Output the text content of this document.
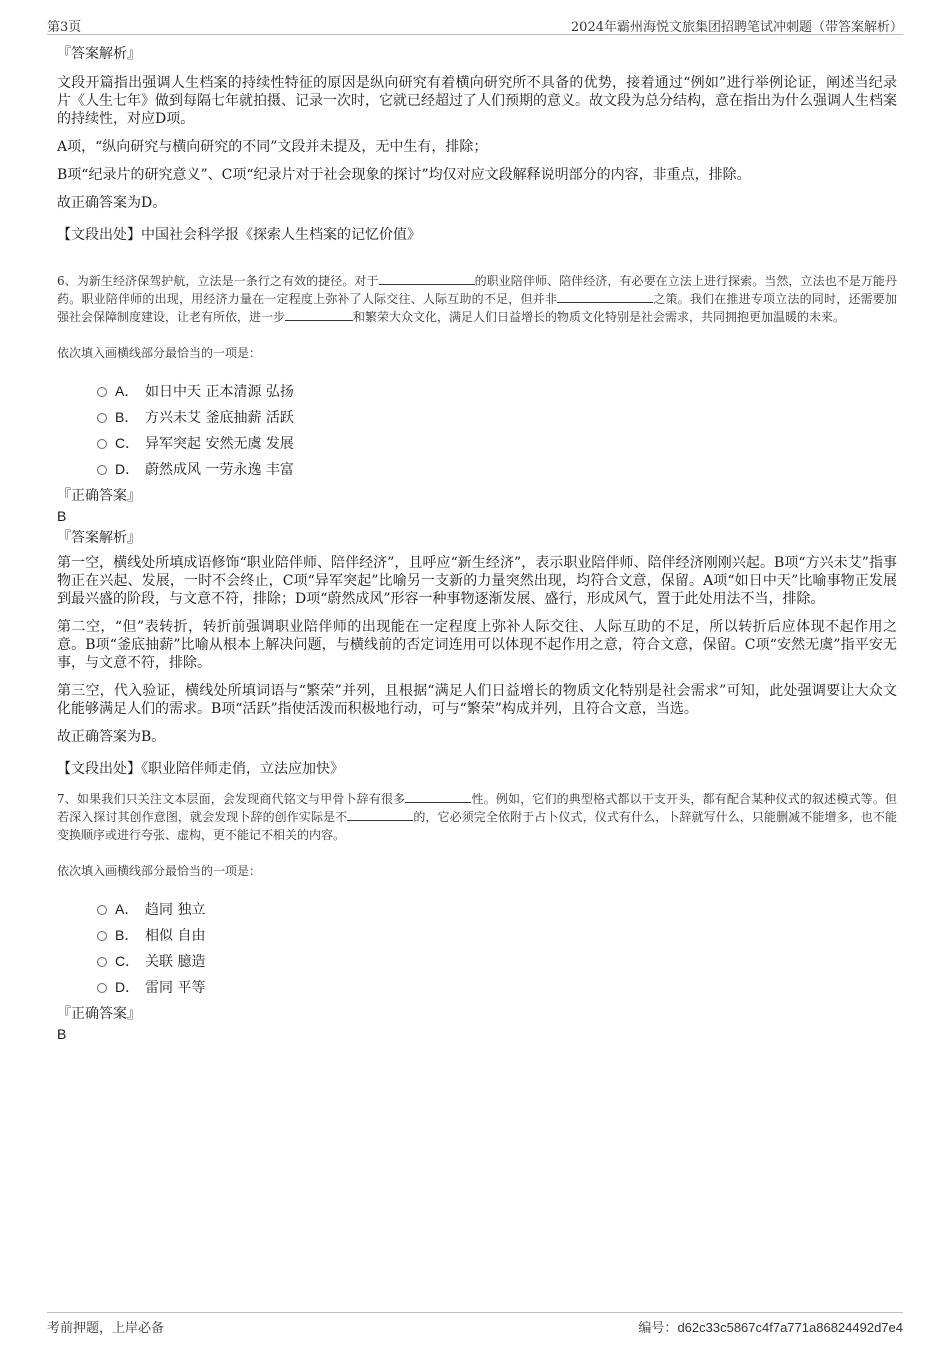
第3页	2024年霸州海悦文旅集团招聘笔试冲刺题（带答案解析）

『答案解析』

文段开篇指出强调人生档案的持续性特征的原因是纵向研究有着横向研究所不具备的优势，接着通过“例如”进行举例论证，阐述当纪录片《人生七年》做到每隔七年就拍摄、记录一次时，它就已经超过了人们预期的意义。故文段为总分结构，意在指出为什么强调人生档案的持续性，对应D项。

A项，“纵向研究与横向研究的不同”文段并未提及，无中生有，排除；

B项“纪录片的研究意义”、C项“纪录片对于社会现象的探讨”均仅对应文段解释说明部分的内容，非重点，排除。

故正确答案为D。

【文段出处】中国社会科学报《探索人生档案的记忆价值》

6、为新生经济保驾护航，立法是一条行之有效的捷径。对于	的职业陪伴师、陪伴经济，有必要在立法上进行探索。当然，立法也不是万能丹药。职业陪伴师的出现，用经济力量在一定程度上弥补了人际交往、人际互助的不足，但并非	之策。我们在推进专项立法的同时，还需要加强社会保障制度建设，让老有所依，进一步	和繁荣大众文化，满足人们日益增长的物质文化特别是社会需求，共同拥抱更加温暖的未来。

依次填入画横线部分最恰当的一项是：

A． 如日中天 正本清源 弘扬
B． 方兴未艾 釜底抽薪 活跃
C． 异军突起 安然无虞 发展
D． 蔚然成风 一劳永逸 丰富

『正确答案』

B

『答案解析』

第一空，横线处所填成语修饰“职业陪伴师、陪伴经济”，且呼应“新生经济”，表示职业陪伴师、陪伴经济刚刚兴起。B项“方兴未艾”指事物正在兴起、发展，一时不会终止，C项“异军突起”比喻另一支新的力量突然出现，均符合文意，保留。A项“如日中天”比喻事物正发展到最兴盛的阶段，与文意不符，排除；D项“蔚然成风”形容一种事物逐渐发展、盛行，形成风气，置于此处用法不当，排除。

第二空，“但”表转折，转折前强调职业陪伴师的出现能在一定程度上弥补人际交往、人际互助的不足，所以转折后应体现不起作用之意。B项“釜底抽薪”比喻从根本上解决问题，与横线前的否定词连用可以体现不起作用之意，符合文意，保留。C项“安然无虞”指平安无事，与文意不符，排除。

第三空，代入验证，横线处所填词语与“繁荣”并列，且根据“满足人们日益增长的物质文化特别是社会需求”可知，此处强调要让大众文化能够满足人们的需求。B项“活跃”指使活泼而积极地行动，可与“繁荣”构成并列，且符合文意，当选。

故正确答案为B。

【文段出处】《职业陪伴师走俏，立法应加快》

7、如果我们只关注文本层面，会发现商代铭文与甲骨卜辞有很多	性。例如，它们的典型格式都以干支开头，都有配合某种仪式的叙述模式等。但若深入探讨其创作意图，就会发现卜辞的创作实际是不	的，它必须完全依附于占卜仪式，仪式有什么，卜辞就写什么，只能删减不能增多，也不能变换顺序或进行夸张、虚构，更不能记不相关的内容。

依次填入画横线部分最恰当的一项是：

A． 趋同 独立
B． 相似 自由
C． 关联 臆造
D． 雷同 平等

『正确答案』

B

考前押题，上岸必备	编号：d62c33c5867c4f7a771a86824492d7e4
